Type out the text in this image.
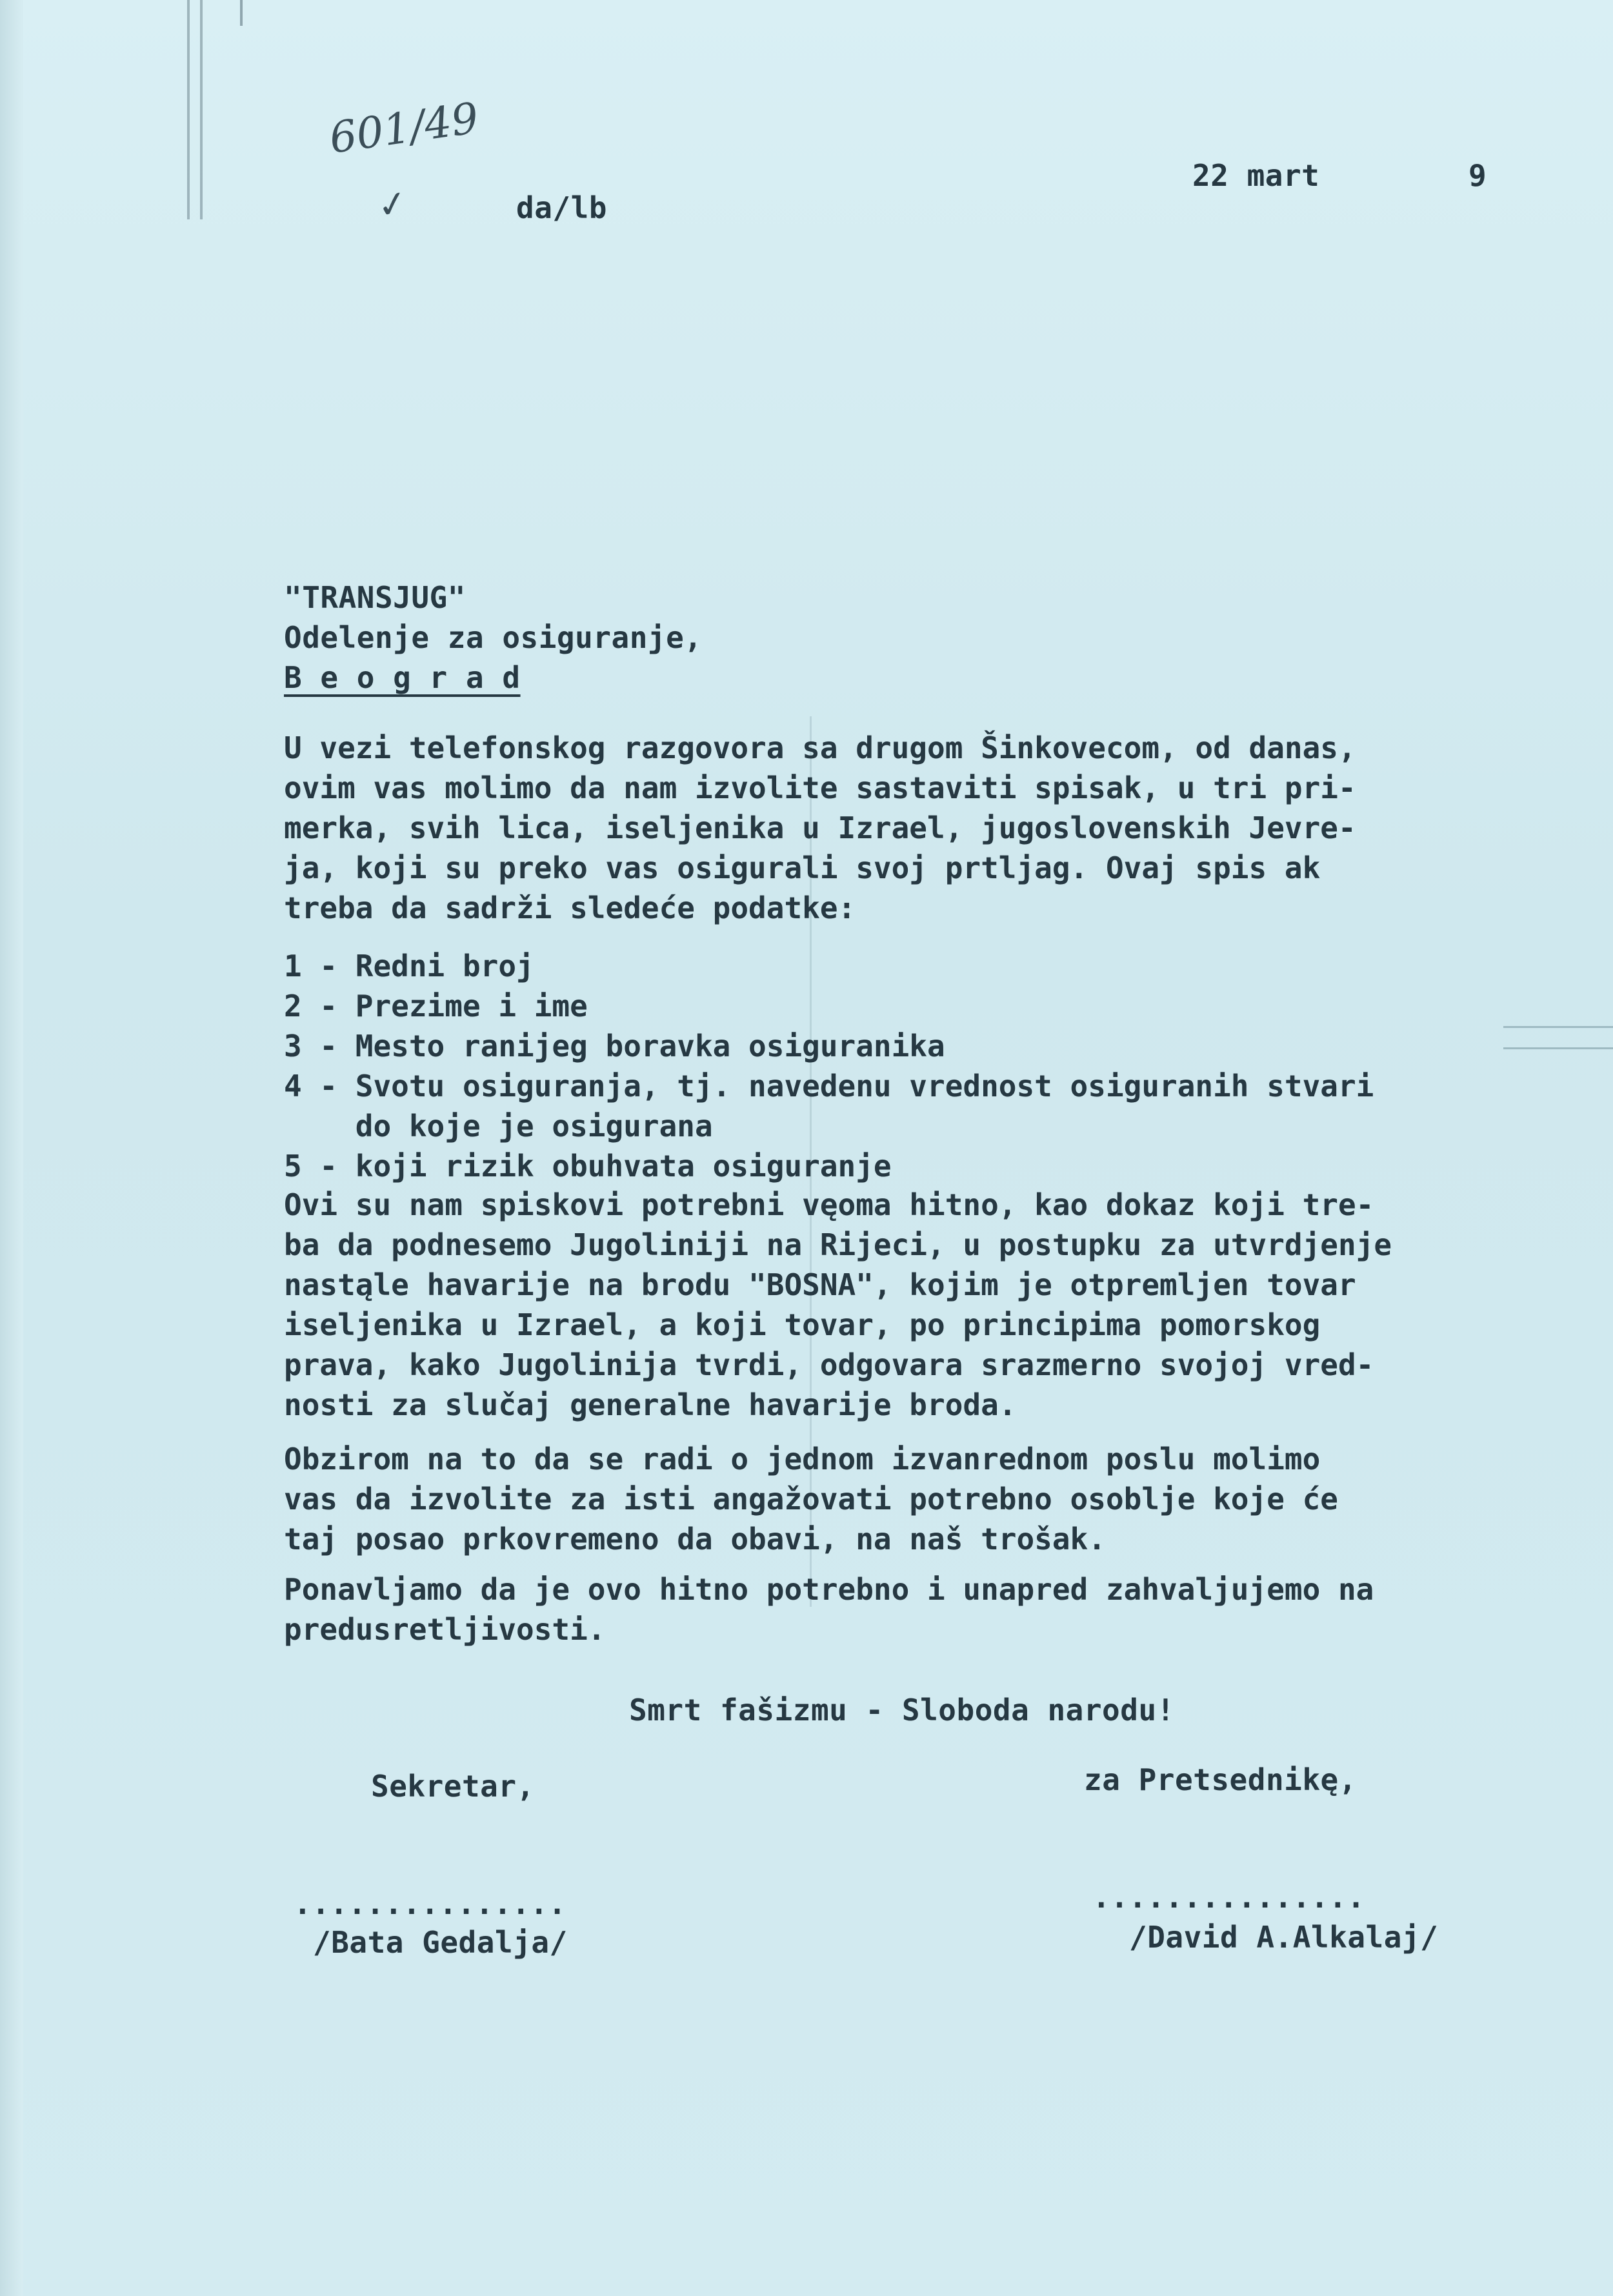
601/49
✓	da/lb
22 mart	9
"TRANSJUG"
Odelenje za osiguranje,
B e o g r a d
U vezi telefonskog razgovora sa drugom Šinkovecom, od danas,
ovim vas molimo da nam izvolite sastaviti spisak, u tri pri-
merka, svih lica, iseljenika u Izrael, jugoslovenskih Jevre-
ja, koji su preko vas osigurali svoj prtljag. Ovaj spis ak
treba da sadrži sledeće podatke:
1 - Redni broj
2 - Prezime i ime
3 - Mesto ranijeg boravka osiguranika
4 - Svotu osiguranja, tj. navedenu vrednost osiguranih stvari
do koje je osigurana
5 - koji rizik obuhvata osiguranje
Ovi su nam spiskovi potrebni vęoma hitno, kao dokaz koji tre-
ba da podnesemo Jugoliniji na Rijeci, u postupku za utvrdjenje
nastąle havarije na brodu "BOSNA", kojim je otpremljen tovar
iseljenika u Izrael, a koji tovar, po principima pomorskog
prava, kako Jugolinija tvrdi, odgovara srazmerno svojoj vred-
nosti za slučaj generalne havarije broda.
Obzirom na to da se radi o jednom izvanrednom poslu molimo
vas da izvolite za isti angažovati potrebno osoblje koje će
taj posao prkovremeno da obavi, na naš trošak.
Ponavljamo da je ovo hitno potrebno i unapred zahvaljujemo na
predusretljivosti.
Smrt fašizmu - Sloboda narodu!
Sekretar,	za Pretsednikę,
...............	...............
/Bata Gedalja/	/David A.Alkalaj/
